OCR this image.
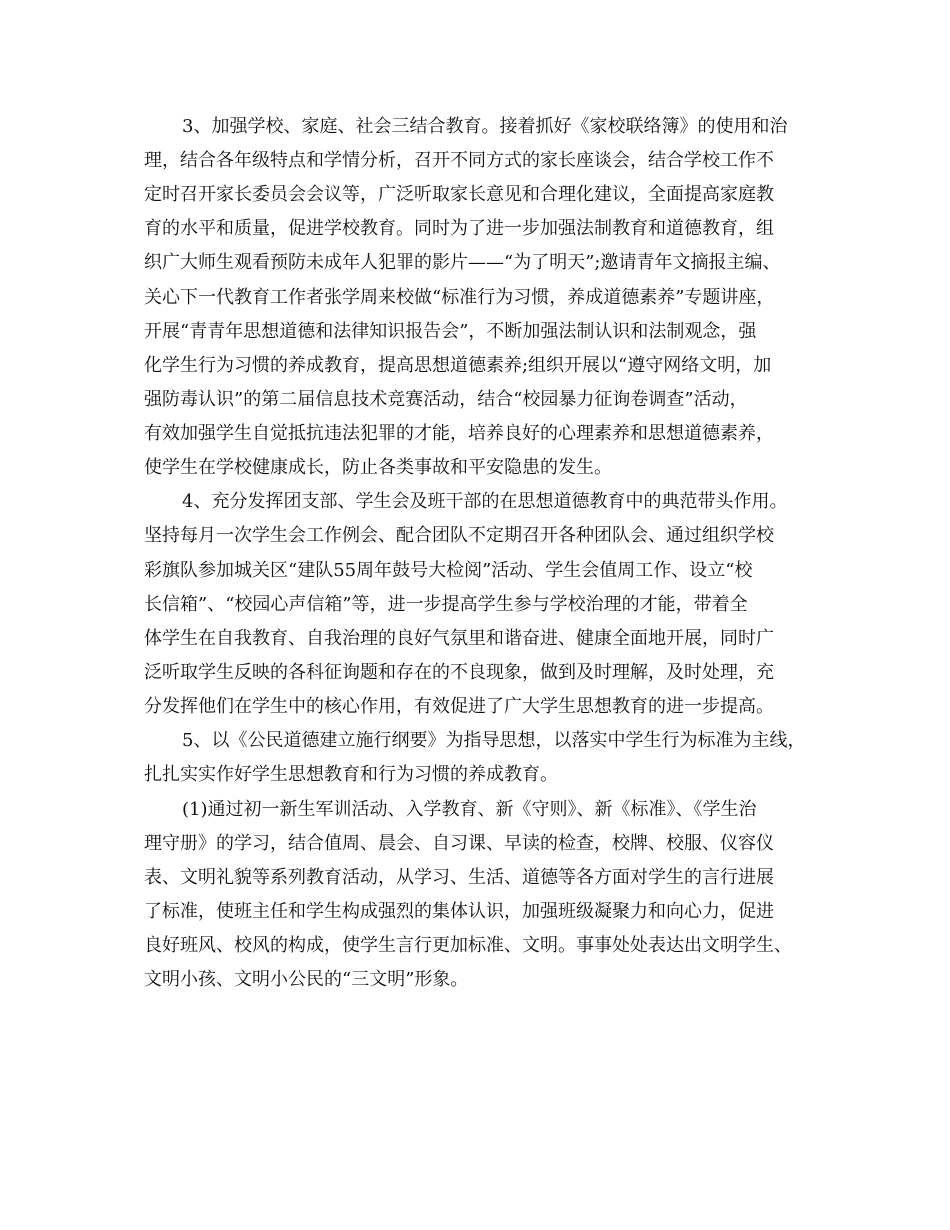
3、加强学校、家庭、社会三结合教育。接着抓好《家校联络簿》的使用和治
理，结合各年级特点和学情分析，召开不同方式的家长座谈会，结合学校工作不
定时召开家长委员会会议等，广泛听取家长意见和合理化建议，全面提高家庭教
育的水平和质量，促进学校教育。同时为了进一步加强法制教育和道德教育，组
织广大师生观看预防未成年人犯罪的影片——“为了明天”;邀请青年文摘报主编、
关心下一代教育工作者张学周来校做“标准行为习惯，养成道德素养”专题讲座，
开展“青青年思想道德和法律知识报告会”，不断加强法制认识和法制观念，强
化学生行为习惯的养成教育，提高思想道德素养;组织开展以“遵守网络文明，加
强防毒认识”的第二届信息技术竞赛活动，结合“校园暴力征询卷调查”活动，
有效加强学生自觉抵抗违法犯罪的才能，培养良好的心理素养和思想道德素养，
使学生在学校健康成长，防止各类事故和平安隐患的发生。
4、充分发挥团支部、学生会及班干部的在思想道德教育中的典范带头作用。
坚持每月一次学生会工作例会、配合团队不定期召开各种团队会、通过组织学校
彩旗队参加城关区“建队55周年鼓号大检阅”活动、学生会值周工作、设立“校
长信箱”、“校园心声信箱”等，进一步提高学生参与学校治理的才能，带着全
体学生在自我教育、自我治理的良好气氛里和谐奋进、健康全面地开展，同时广
泛听取学生反映的各科征询题和存在的不良现象，做到及时理解，及时处理，充
分发挥他们在学生中的核心作用，有效促进了广大学生思想教育的进一步提高。
5、以《公民道德建立施行纲要》为指导思想，以落实中学生行为标准为主线，
扎扎实实作好学生思想教育和行为习惯的养成教育。
(1)通过初一新生军训活动、入学教育、新《守则》、新《标准》、《学生治
理守册》的学习，结合值周、晨会、自习课、早读的检查，校牌、校服、仪容仪
表、文明礼貌等系列教育活动，从学习、生活、道德等各方面对学生的言行进展
了标准，使班主任和学生构成强烈的集体认识，加强班级凝聚力和向心力，促进
良好班风、校风的构成，使学生言行更加标准、文明。事事处处表达出文明学生、
文明小孩、文明小公民的“三文明”形象。
